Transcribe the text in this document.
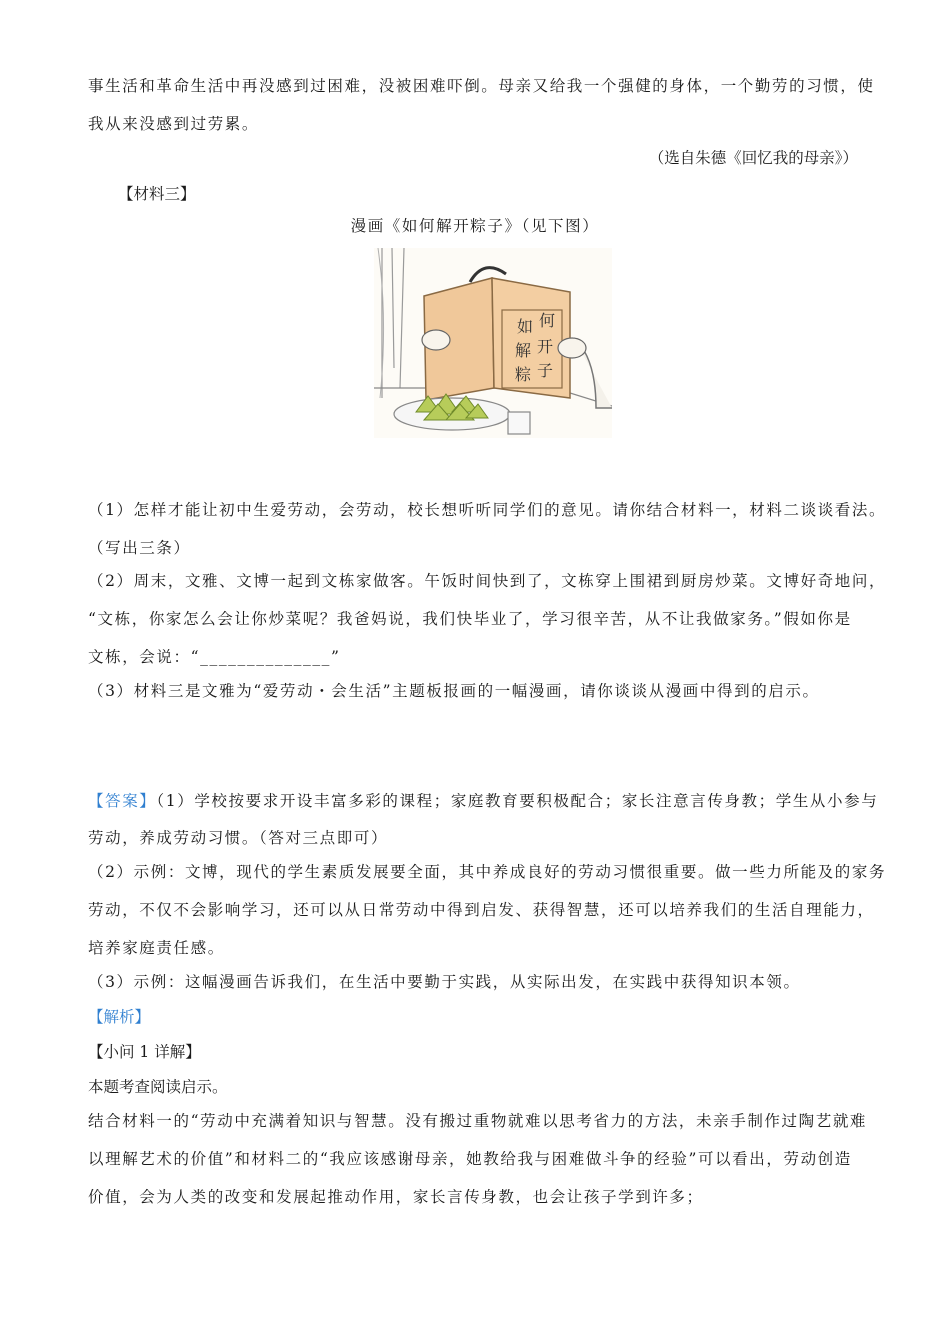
事生活和革命生活中再没感到过困难，没被困难吓倒。母亲又给我一个强健的身体，一个勤劳的习惯，使
我从来没感到过劳累。
（选自朱德《回忆我的母亲》）
【材料三】
漫画《如何解开粽子》（见下图）
如 何
解 开
粽 子
（1）怎样才能让初中生爱劳动，会劳动，校长想听听同学们的意见。请你结合材料一，材料二谈谈看法。
（写出三条）
（2）周末，文雅、文博一起到文栋家做客。午饭时间快到了，文栋穿上围裙到厨房炒菜。文博好奇地问，
“文栋，你家怎么会让你炒菜呢？我爸妈说，我们快毕业了，学习很辛苦，从不让我做家务。”假如你是
文栋，会说：“______________”
（3）材料三是文雅为“爱劳动・会生活”主题板报画的一幅漫画，请你谈谈从漫画中得到的启示。
【答案】（1）学校按要求开设丰富多彩的课程；家庭教育要积极配合；家长注意言传身教；学生从小参与
劳动，养成劳动习惯。（答对三点即可）
（2）示例：文博，现代的学生素质发展要全面，其中养成良好的劳动习惯很重要。做一些力所能及的家务
劳动，不仅不会影响学习，还可以从日常劳动中得到启发、获得智慧，还可以培养我们的生活自理能力，
培养家庭责任感。
（3）示例：这幅漫画告诉我们，在生活中要勤于实践，从实际出发，在实践中获得知识本领。
【解析】
【小问 1 详解】
本题考查阅读启示。
结合材料一的“劳动中充满着知识与智慧。没有搬过重物就难以思考省力的方法，未亲手制作过陶艺就难
以理解艺术的价值”和材料二的“我应该感谢母亲，她教给我与困难做斗争的经验”可以看出，劳动创造
价值，会为人类的改变和发展起推动作用，家长言传身教，也会让孩子学到许多；
